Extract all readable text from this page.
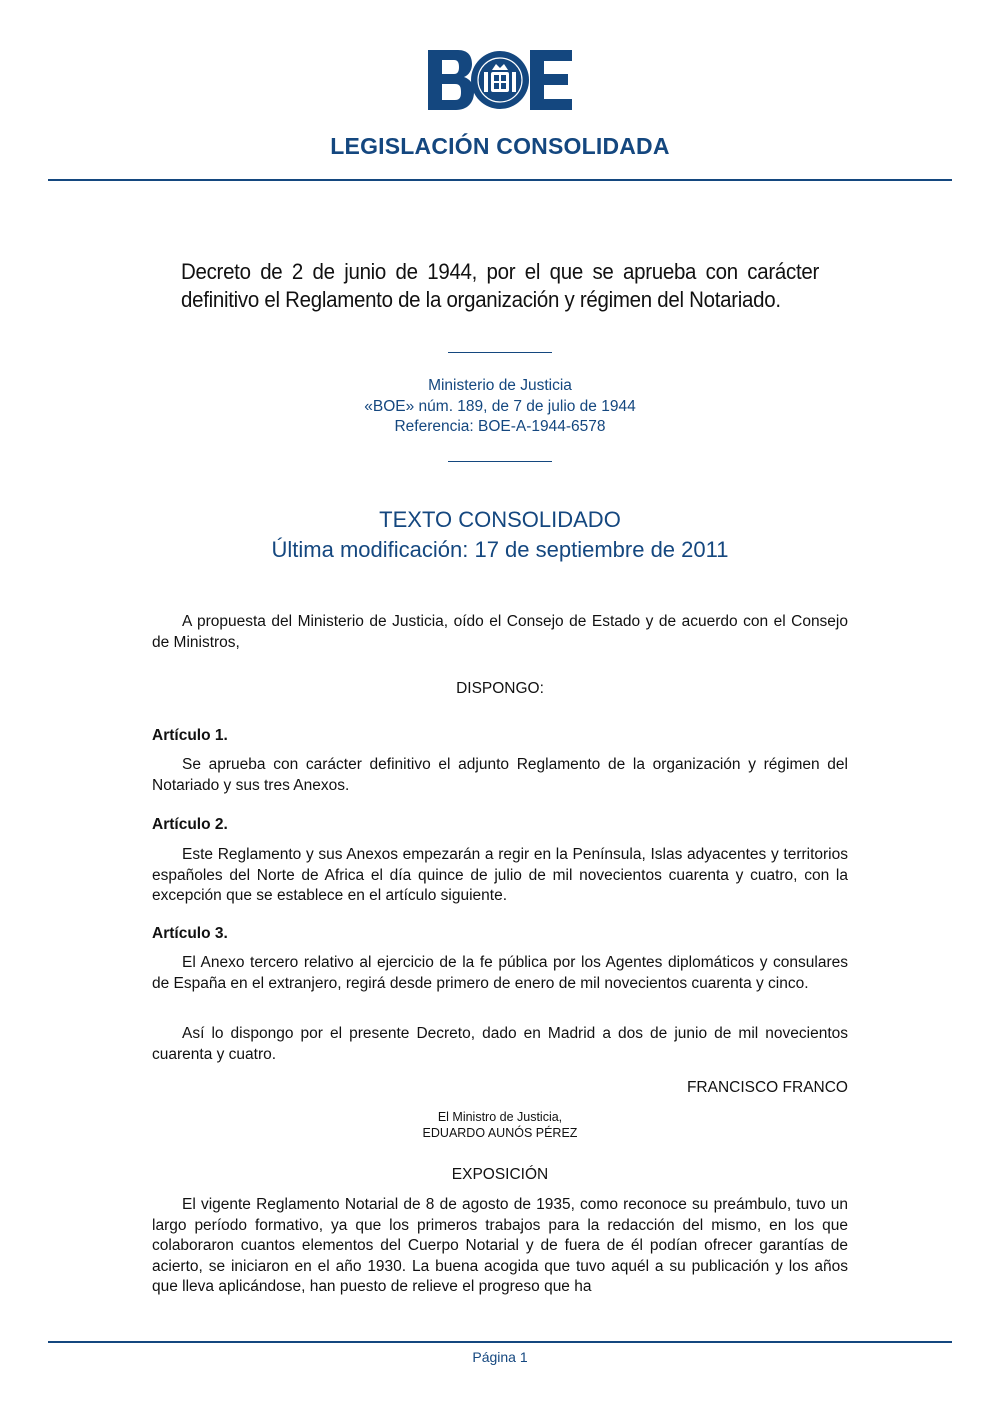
LEGISLACIÓN CONSOLIDADA
Decreto de 2 de junio de 1944, por el que se aprueba con carácter definitivo el Reglamento de la organización y régimen del Notariado.
Ministerio de Justicia
«BOE» núm. 189, de 7 de julio de 1944
Referencia: BOE-A-1944-6578
TEXTO CONSOLIDADO
Última modificación: 17 de septiembre de 2011

A propuesta del Ministerio de Justicia, oído el Consejo de Estado y de acuerdo con el Consejo de Ministros,

DISPONGO:
Artículo 1.

Se aprueba con carácter definitivo el adjunto Reglamento de la organización y régimen del Notariado y sus tres Anexos.

Artículo 2.

Este Reglamento y sus Anexos empezarán a regir en la Península, Islas adyacentes y territorios españoles del Norte de Africa el día quince de julio de mil novecientos cuarenta y cuatro, con la excepción que se establece en el artículo siguiente.

Artículo 3.

El Anexo tercero relativo al ejercicio de la fe pública por los Agentes diplomáticos y consulares de España en el extranjero, regirá desde primero de enero de mil novecientos cuarenta y cinco.

Así lo dispongo por el presente Decreto, dado en Madrid a dos de junio de mil novecientos cuarenta y cuatro.

FRANCISCO FRANCO
El Ministro de Justicia,
EDUARDO AUNÓS PÉREZ
EXPOSICIÓN

El vigente Reglamento Notarial de 8 de agosto de 1935, como reconoce su preámbulo, tuvo un largo período formativo, ya que los primeros trabajos para la redacción del mismo, en los que colaboraron cuantos elementos del Cuerpo Notarial y de fuera de él podían ofrecer garantías de acierto, se iniciaron en el año 1930. La buena acogida que tuvo aquél a su publicación y los años que lleva aplicándose, han puesto de relieve el progreso que ha

Página 1
